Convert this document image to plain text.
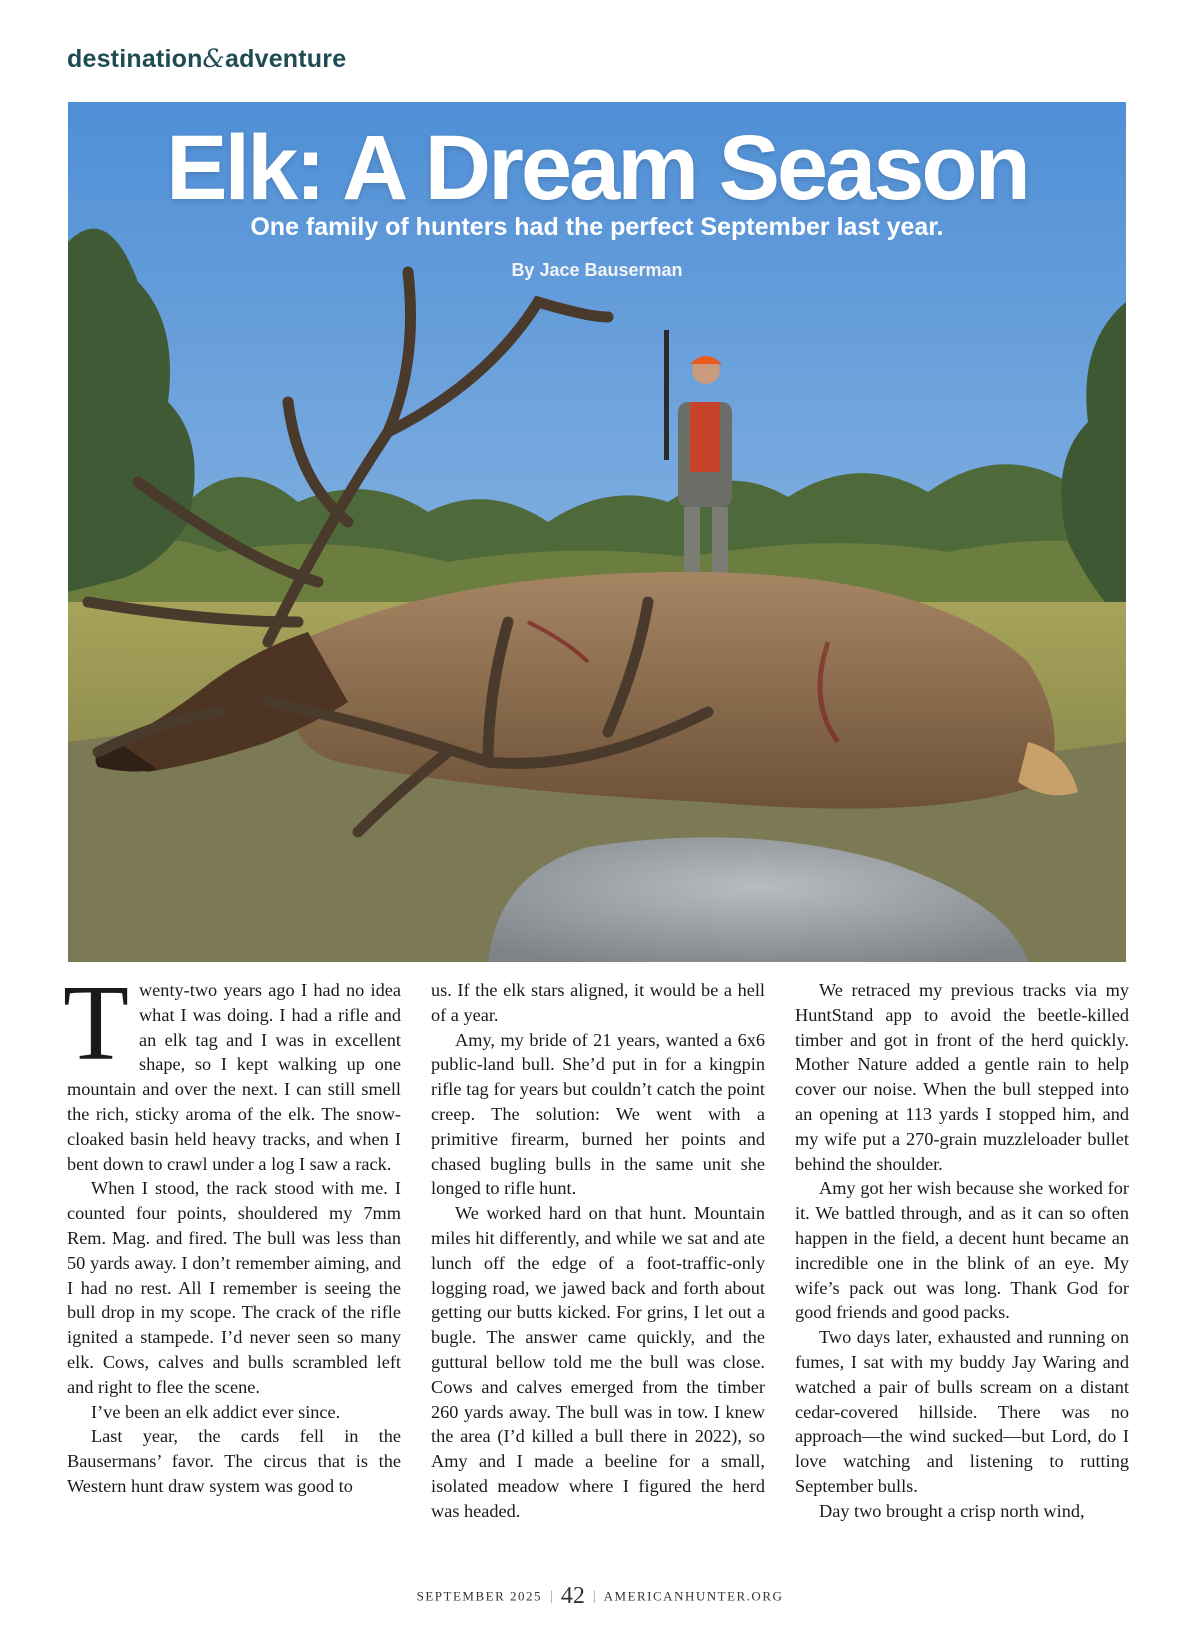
destination&adventure
Elk: A Dream Season
One family of hunters had the perfect September last year.
By Jace Bauserman

Twenty-two years ago I had no idea what I was doing. I had a rifle and an elk tag and I was in excellent shape, so I kept walking up one mountain and over the next. I can still smell the rich, sticky aroma of the elk. The snow-cloaked basin held heavy tracks, and when I bent down to crawl under a log I saw a rack.

When I stood, the rack stood with me. I counted four points, shouldered my 7mm Rem. Mag. and fired. The bull was less than 50 yards away. I don’t remember aiming, and I had no rest. All I remember is seeing the bull drop in my scope. The crack of the rifle ignited a stampede. I’d never seen so many elk. Cows, calves and bulls scrambled left and right to flee the scene.

I’ve been an elk addict ever since.

Last year, the cards fell in the Bausermans’ favor. The circus that is the Western hunt draw system was good to

us. If the elk stars aligned, it would be a hell of a year.

Amy, my bride of 21 years, wanted a 6x6 public-land bull. She’d put in for a kingpin rifle tag for years but couldn’t catch the point creep. The solution: We went with a primitive firearm, burned her points and chased bugling bulls in the same unit she longed to rifle hunt.

We worked hard on that hunt. Mountain miles hit differently, and while we sat and ate lunch off the edge of a foot-traffic-only logging road, we jawed back and forth about getting our butts kicked. For grins, I let out a bugle. The answer came quickly, and the guttural bellow told me the bull was close. Cows and calves emerged from the timber 260 yards away. The bull was in tow. I knew the area (I’d killed a bull there in 2022), so Amy and I made a beeline for a small, isolated meadow where I figured the herd was headed.

We retraced my previous tracks via my HuntStand app to avoid the beetle-killed timber and got in front of the herd quickly. Mother Nature added a gentle rain to help cover our noise. When the bull stepped into an opening at 113 yards I stopped him, and my wife put a 270-grain muzzleloader bullet behind the shoulder.

Amy got her wish because she worked for it. We battled through, and as it can so often happen in the field, a decent hunt became an incredible one in the blink of an eye. My wife’s pack out was long. Thank God for good friends and good packs.

Two days later, exhausted and running on fumes, I sat with my buddy Jay Waring and watched a pair of bulls scream on a distant cedar-covered hillside. There was no approach—the wind sucked—but Lord, do I love watching and listening to rutting September bulls.

Day two brought a crisp north wind,

SEPTEMBER 2025 | 42 | AMERICANHUNTER.ORG
